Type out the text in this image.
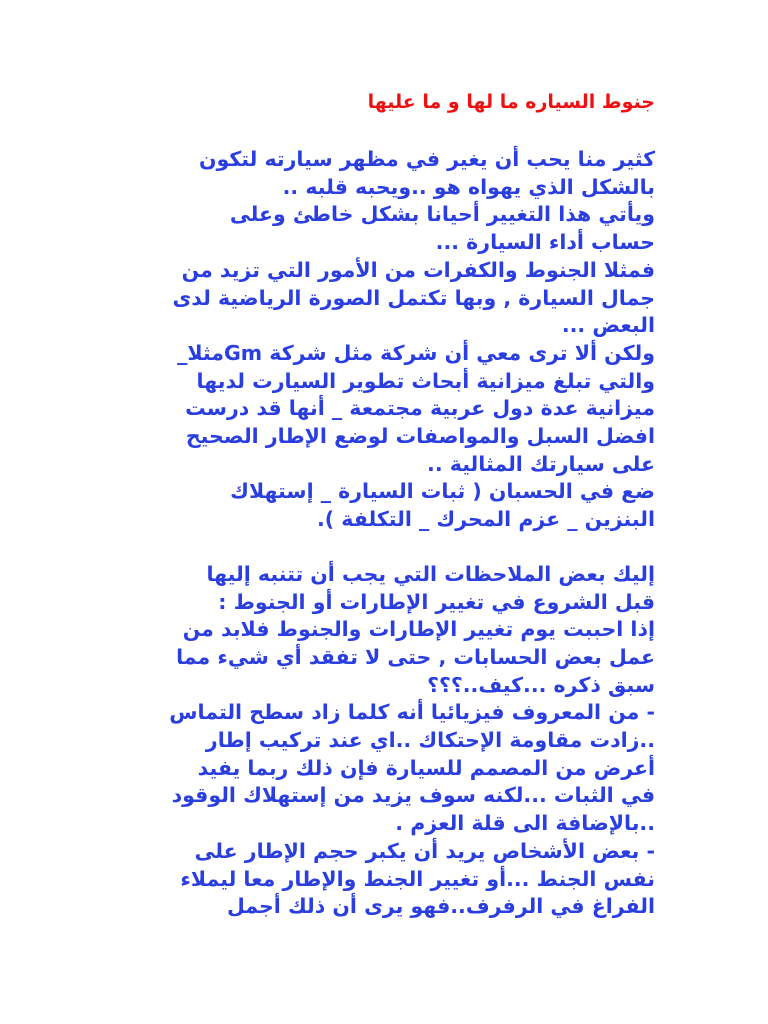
جنوط السياره ما لها و ما عليها
كثير منا يحب أن يغير في مظهر سيارته لتكون
بالشكل الذي يهواه هو ..ويحبه قلبه ..
ويأتي هذا التغيير أحيانا بشكل خاطئ وعلى
حساب أداء السيارة ...
فمثلا الجنوط والكفرات من الأمور التي تزيد من
جمال السيارة , وبها تكتمل الصورة الرياضية لدى
البعض ...
ولكن ألا ترى معي أن شركة مثل شركة Gmمثلا_
والتي تبلغ ميزانية أبحاث تطوير السيارت لديها
ميزانية عدة دول عربية مجتمعة _ أنها قد درست
افضل السبل والمواصفات لوضع الإطار الصحيح
على سيارتك المثالية ..
ضع في الحسبان ( ثبات السيارة _ إستهلاك
البنزين _ عزم المحرك _ التكلفة ).
إليك بعض الملاحظات التي يجب أن تتنبه إليها
قبل الشروع في تغيير الإطارات أو الجنوط :
إذا احببت يوم تغيير الإطارات والجنوط فلابد من
عمل بعض الحسابات , حتى لا تفقد أي شيء مما
سبق ذكره ...كيف..؟؟؟
- من المعروف فيزيائيا أنه كلما زاد سطح التماس
..زادت مقاومة الإحتكاك ..اي عند تركيب إطار
أعرض من المصمم للسيارة فإن ذلك ربما يفيد
في الثبات ...لكنه سوف يزيد من إستهلاك الوقود
..بالإضافة الى قلة العزم .
- بعض الأشخاص يريد أن يكبر حجم الإطار على
نفس الجنط ...أو تغيير الجنط والإطار معا ليملاء
الفراغ في الرفرف..فهو يرى أن ذلك أجمل
